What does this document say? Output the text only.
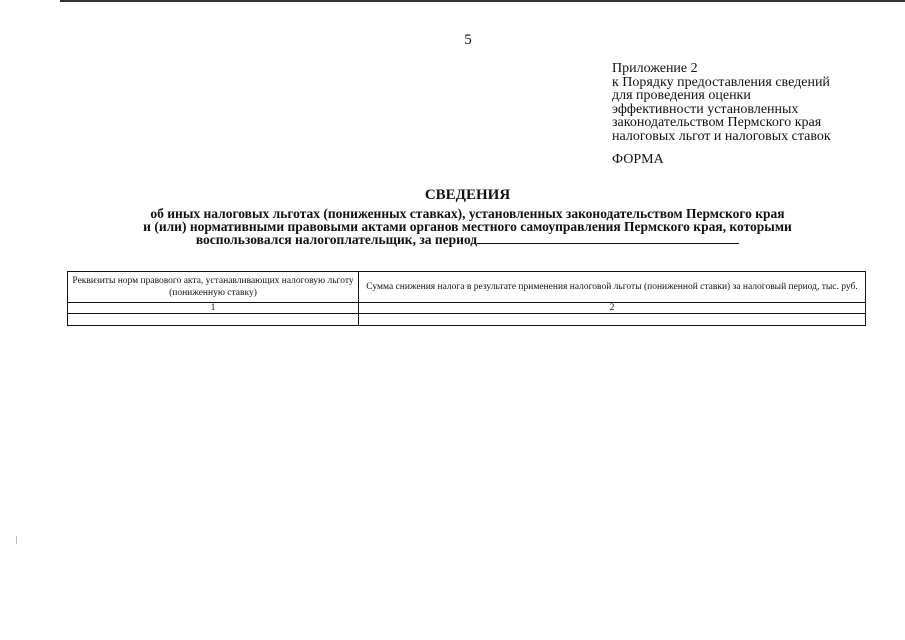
5
Приложение 2
к Порядку предоставления сведений
для проведения оценки
эффективности установленных
законодательством Пермского края
налоговых льгот и налоговых ставок
ФОРМА
СВЕДЕНИЯ
об иных налоговых льготах (пониженных ставках), установленных законодательством Пермского края
и (или) нормативными правовыми актами органов местного самоуправления Пермского края, которыми
воспользовался налогоплательщик, за период
Реквизиты норм правового акта, устанавливающих налоговую льготу (пониженную ставку)	Сумма снижения налога в результате применения налоговой льготы (пониженной ставки) за налоговый период, тыс. руб.
1	2
